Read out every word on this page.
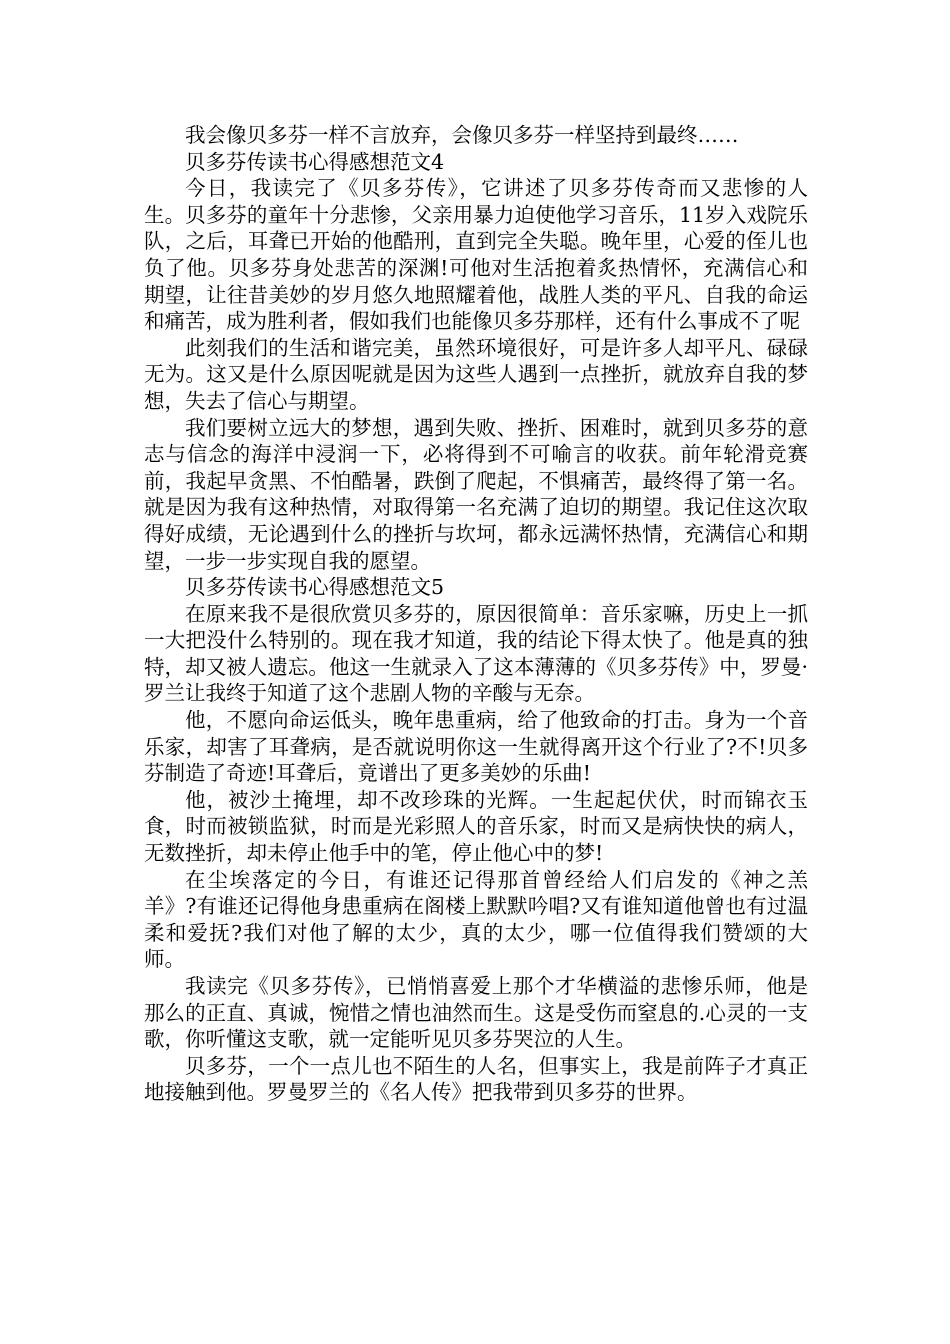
我会像贝多芬一样不言放弃，会像贝多芬一样坚持到最终……

贝多芬传读书心得感想范文4

今日，我读完了《贝多芬传》，它讲述了贝多芬传奇而又悲惨的人生。贝多芬的童年十分悲惨，父亲用暴力迫使他学习音乐，11岁入戏院乐队，之后，耳聋已开始的他酷刑，直到完全失聪。晚年里，心爱的侄儿也负了他。贝多芬身处悲苦的深渊!可他对生活抱着炙热情怀，充满信心和期望，让往昔美妙的岁月悠久地照耀着他，战胜人类的平凡、自我的命运和痛苦，成为胜利者，假如我们也能像贝多芬那样，还有什么事成不了呢

此刻我们的生活和谐完美，虽然环境很好，可是许多人却平凡、碌碌无为。这又是什么原因呢就是因为这些人遇到一点挫折，就放弃自我的梦想，失去了信心与期望。

我们要树立远大的梦想，遇到失败、挫折、困难时，就到贝多芬的意志与信念的海洋中浸润一下，必将得到不可喻言的收获。前年轮滑竞赛前，我起早贪黑、不怕酷暑，跌倒了爬起，不惧痛苦，最终得了第一名。就是因为我有这种热情，对取得第一名充满了迫切的期望。我记住这次取得好成绩，无论遇到什么的挫折与坎坷，都永远满怀热情，充满信心和期望，一步一步实现自我的愿望。

贝多芬传读书心得感想范文5

在原来我不是很欣赏贝多芬的，原因很简单：音乐家嘛，历史上一抓一大把没什么特别的。现在我才知道，我的结论下得太快了。他是真的独特，却又被人遗忘。他这一生就录入了这本薄薄的《贝多芬传》中，罗曼·罗兰让我终于知道了这个悲剧人物的辛酸与无奈。

他，不愿向命运低头，晚年患重病，给了他致命的打击。身为一个音乐家，却害了耳聋病，是否就说明你这一生就得离开这个行业了?不!贝多芬制造了奇迹!耳聋后，竟谱出了更多美妙的乐曲!

他，被沙土掩埋，却不改珍珠的光辉。一生起起伏伏，时而锦衣玉食，时而被锁监狱，时而是光彩照人的音乐家，时而又是病快快的病人，无数挫折，却未停止他手中的笔，停止他心中的梦!

在尘埃落定的今日，有谁还记得那首曾经给人们启发的《神之羔羊》?有谁还记得他身患重病在阁楼上默默吟唱?又有谁知道他曾也有过温柔和爱抚?我们对他了解的太少，真的太少，哪一位值得我们赞颂的大师。

我读完《贝多芬传》，已悄悄喜爱上那个才华横溢的悲惨乐师，他是那么的正直、真诚，惋惜之情也油然而生。这是受伤而窒息的.心灵的一支歌，你听懂这支歌，就一定能听见贝多芬哭泣的人生。

贝多芬，一个一点儿也不陌生的人名，但事实上，我是前阵子才真正地接触到他。罗曼罗兰的《名人传》把我带到贝多芬的世界。
